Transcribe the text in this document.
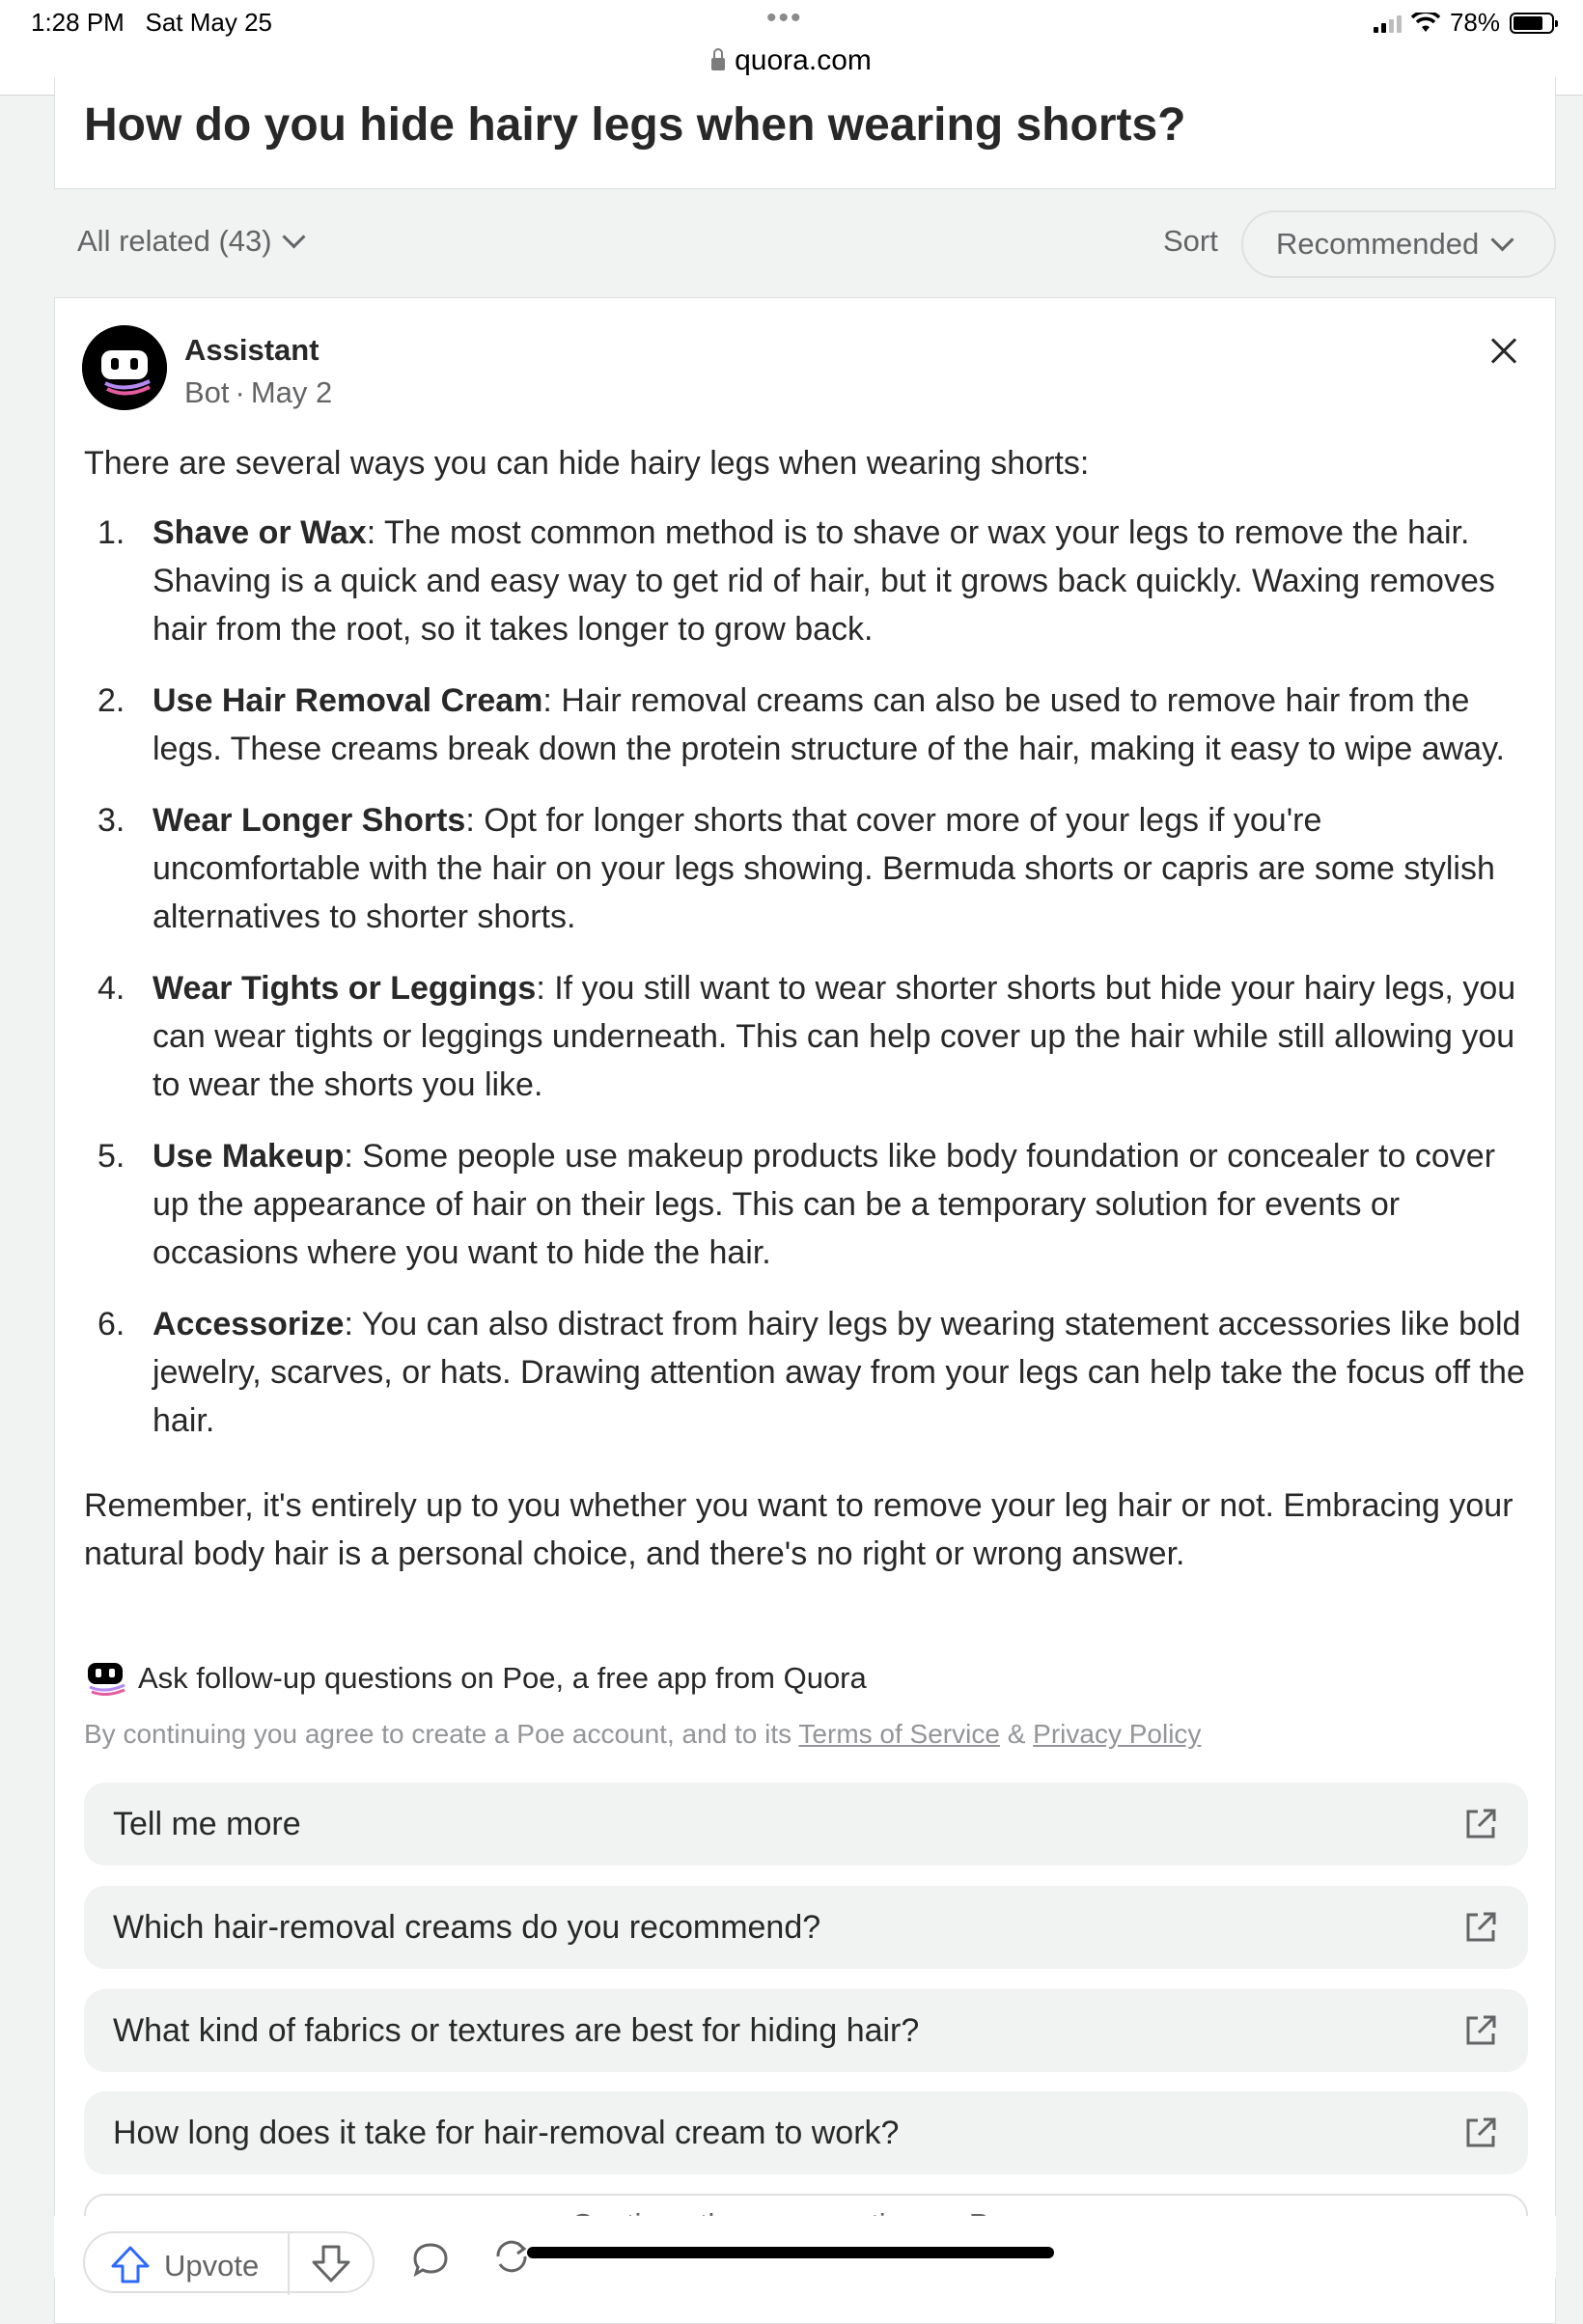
1:28 PM Sat May 25	•••
quora.com
78%
How do you hide hairy legs when wearing shorts?
All related (43)	Sort Recommended
Assistant
Bot · May 2

There are several ways you can hide hairy legs when wearing shorts:

1. Shave or Wax: The most common method is to shave or wax your legs to remove the hair. Shaving is a quick and easy way to get rid of hair, but it grows back quickly. Waxing removes hair from the root, so it takes longer to grow back.
2. Use Hair Removal Cream: Hair removal creams can also be used to remove hair from the legs. These creams break down the protein structure of the hair, making it easy to wipe away.
3. Wear Longer Shorts: Opt for longer shorts that cover more of your legs if you're uncomfortable with the hair on your legs showing. Bermuda shorts or capris are some stylish alternatives to shorter shorts.
4. Wear Tights or Leggings: If you still want to wear shorter shorts but hide your hairy legs, you can wear tights or leggings underneath. This can help cover up the hair while still allowing you to wear the shorts you like.
5. Use Makeup: Some people use makeup products like body foundation or concealer to cover up the appearance of hair on their legs. This can be a temporary solution for events or occasions where you want to hide the hair.
6. Accessorize: You can also distract from hairy legs by wearing statement accessories like bold jewelry, scarves, or hats. Drawing attention away from your legs can help take the focus off the hair.

Remember, it's entirely up to you whether you want to remove your leg hair or not. Embracing your natural body hair is a personal choice, and there's no right or wrong answer.

Ask follow-up questions on Poe, a free app from Quora
By continuing you agree to create a Poe account, and to its Terms of Service & Privacy Policy
Tell me more
Which hair-removal creams do you recommend?
What kind of fabrics or textures are best for hiding hair?
How long does it take for hair-removal cream to work?
Upvote
